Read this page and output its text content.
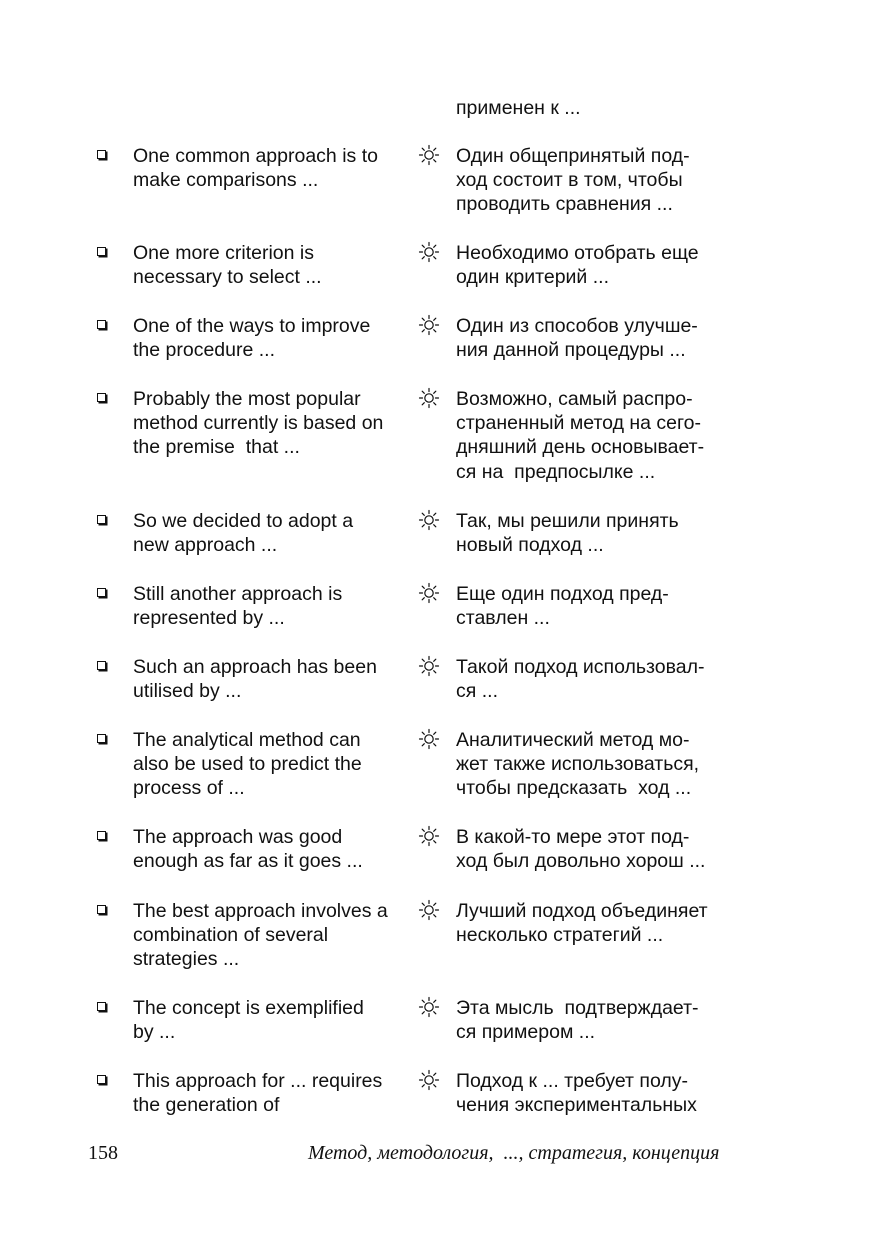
применен к ...
One common approach is to
make comparisons ...
Один общепринятый под-
ход состоит в том, чтобы
проводить сравнения ...
One more criterion is
necessary to select ...
Необходимо отобрать еще
один критерий ...
One of the ways to improve
the procedure ...
Один из способов улучше-
ния данной процедуры ...
Probably the most popular
method currently is based on
the premise  that ...
Возможно, самый распро-
страненный метод на сего-
дняшний день основывает-
ся на  предпосылке ...
So we decided to adopt a
new approach ...
Так, мы решили принять
новый подход ...
Still another approach is
represented by ...
Еще один подход пред-
ставлен ...
Such an approach has been
utilised by ...
Такой подход использовал-
ся ...
The analytical method can
also be used to predict the
process of ...
Аналитический метод мо-
жет также использоваться,
чтобы предсказать  ход ...
The approach was good
enough as far as it goes ...
В какой-то мере этот под-
ход был довольно хорош ...
The best approach involves a
combination of several
strategies ...
Лучший подход объединяет
несколько стратегий ...
The concept is exemplified
by ...
Эта мысль  подтверждает-
ся примером ...
This approach for ... requires
the generation of
Подход к ... требует полу-
чения экспериментальных
158	Метод, методология,  ..., стратегия, концепция
